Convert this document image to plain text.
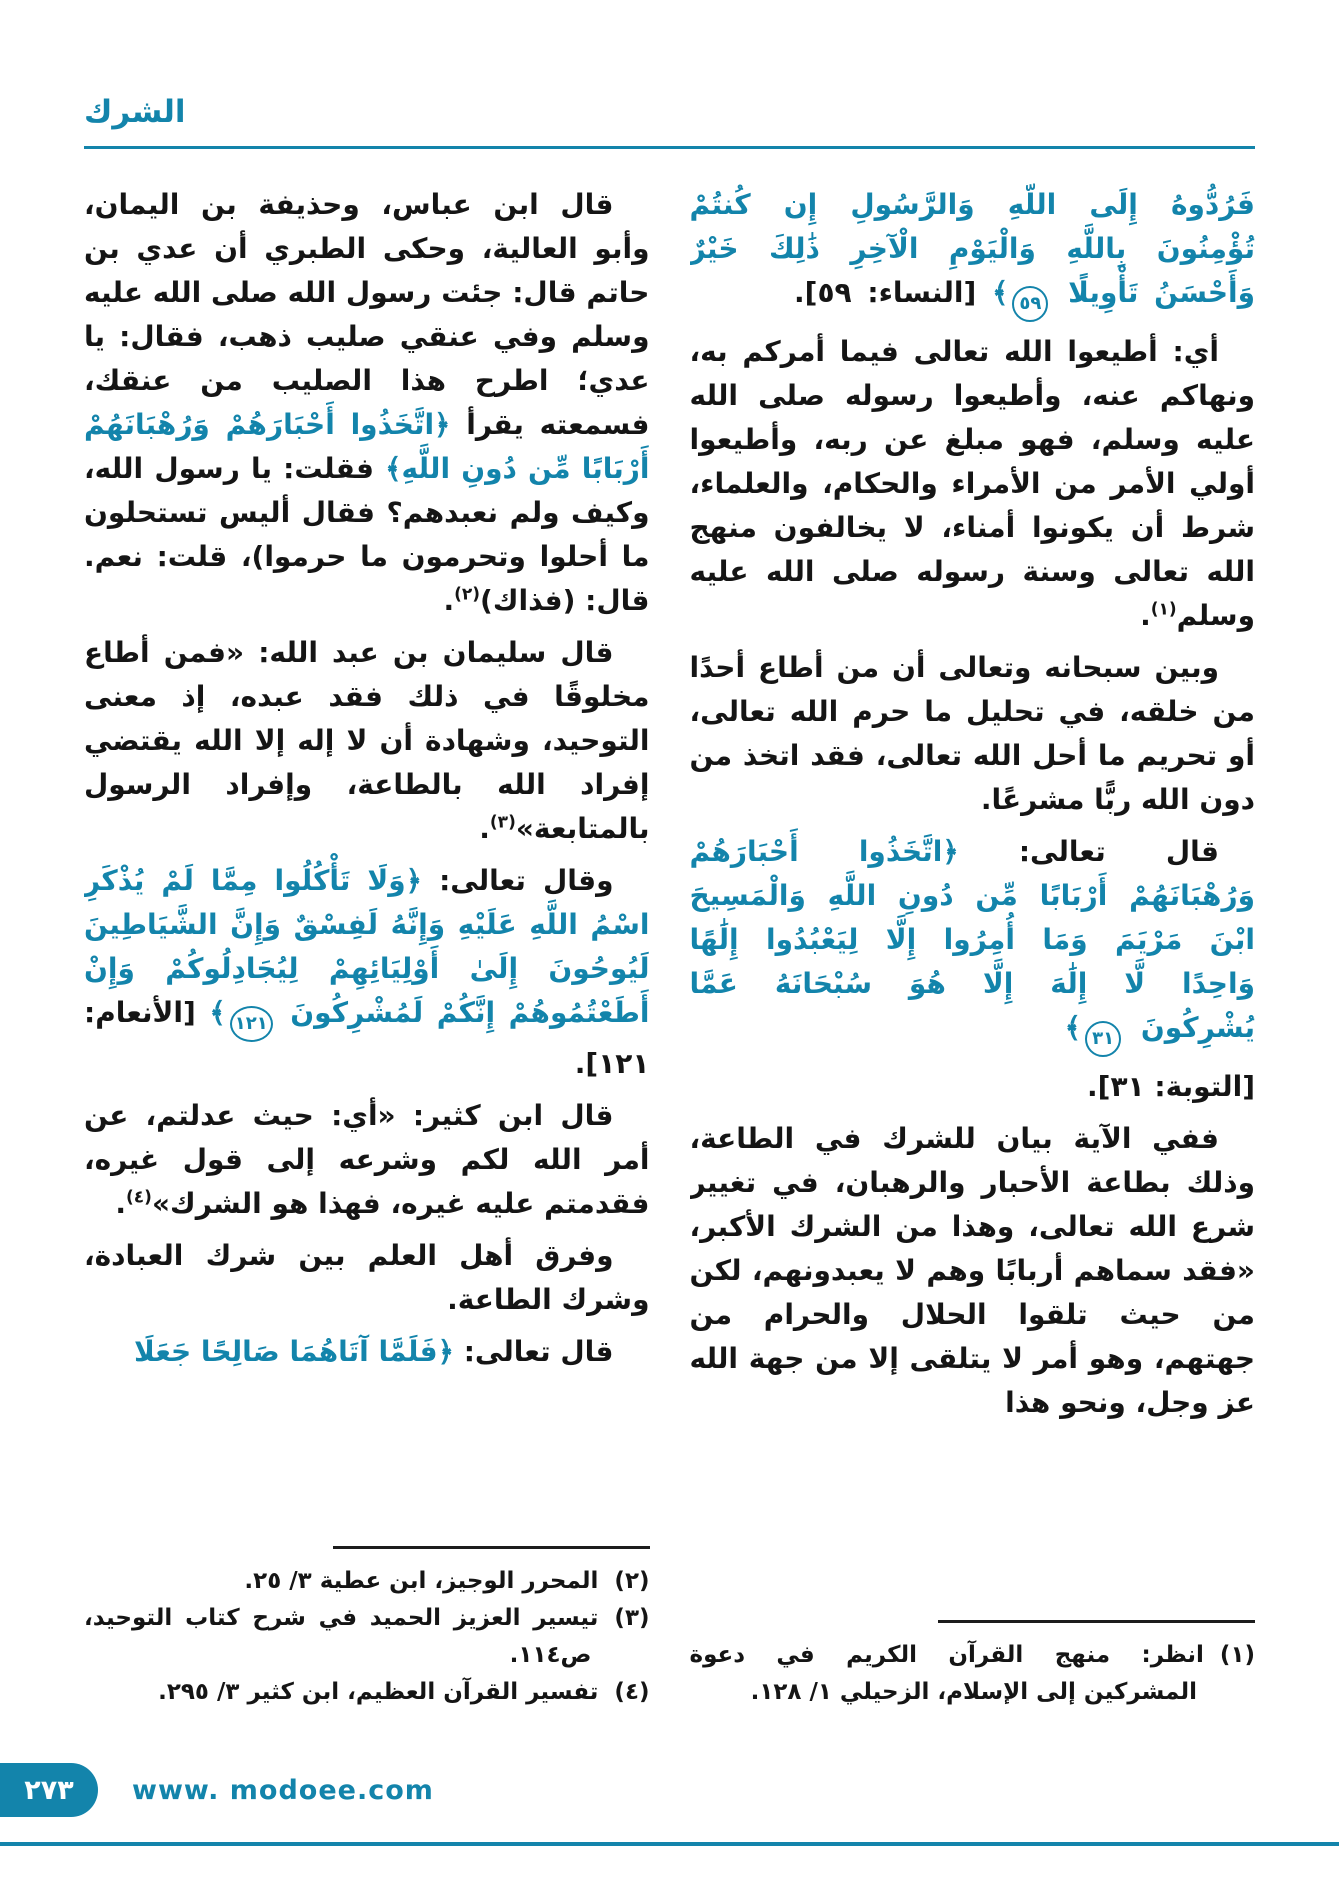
الشرك

فَرُدُّوهُ إِلَى اللَّهِ وَالرَّسُولِ إِن كُنتُمْ تُؤْمِنُونَ بِاللَّهِ وَالْيَوْمِ الْآخِرِ ذَٰلِكَ خَيْرٌ وَأَحْسَنُ تَأْوِيلًا ٥٩﴾ [النساء: ٥٩].

أي: أطيعوا الله تعالى فيما أمركم به، ونهاكم عنه، وأطيعوا رسوله صلى الله عليه وسلم، فهو مبلغ عن ربه، وأطيعوا أولي الأمر من الأمراء والحكام، والعلماء، شرط أن يكونوا أمناء، لا يخالفون منهج الله تعالى وسنة رسوله صلى الله عليه وسلم$^{(١)}$.

وبين سبحانه وتعالى أن من أطاع أحدًا من خلقه، في تحليل ما حرم الله تعالى، أو تحريم ما أحل الله تعالى، فقد اتخذ من دون الله ربًّا مشرعًا.

قال تعالى: ﴿اتَّخَذُوا أَحْبَارَهُمْ وَرُهْبَانَهُمْ أَرْبَابًا مِّن دُونِ اللَّهِ وَالْمَسِيحَ ابْنَ مَرْيَمَ وَمَا أُمِرُوا إِلَّا لِيَعْبُدُوا إِلَٰهًا وَاحِدًا لَّا إِلَٰهَ إِلَّا هُوَ سُبْحَانَهُ عَمَّا يُشْرِكُونَ ٣١﴾

[التوبة: ٣١].

ففي الآية بيان للشرك في الطاعة، وذلك بطاعة الأحبار والرهبان، في تغيير شرع الله تعالى، وهذا من الشرك الأكبر، «فقد سماهم أربابًا وهم لا يعبدونهم، لكن من حيث تلقوا الحلال والحرام من جهتهم، وهو أمر لا يتلقى إلا من جهة الله عز وجل، ونحو هذا

(١)انظر: منهج القرآن الكريم في دعوة المشركين إلى الإسلام، الزحيلي ١/ ١٢٨.

قال ابن عباس، وحذيفة بن اليمان، وأبو العالية، وحكى الطبري أن عدي بن حاتم قال: جئت رسول الله صلى الله عليه وسلم وفي عنقي صليب ذهب، فقال: يا عدي؛ اطرح هذا الصليب من عنقك، فسمعته يقرأ ﴿اتَّخَذُوا أَحْبَارَهُمْ وَرُهْبَانَهُمْ أَرْبَابًا مِّن دُونِ اللَّهِ﴾ فقلت: يا رسول الله، وكيف ولم نعبدهم؟ فقال أليس تستحلون ما أحلوا وتحرمون ما حرموا)، قلت: نعم. قال: (فذاك)$^{(٢)}$.

قال سليمان بن عبد الله: «فمن أطاع مخلوقًا في ذلك فقد عبده، إذ معنى التوحيد، وشهادة أن لا إله إلا الله يقتضي إفراد الله بالطاعة، وإفراد الرسول بالمتابعة»$^{(٣)}$.

وقال تعالى: ﴿وَلَا تَأْكُلُوا مِمَّا لَمْ يُذْكَرِ اسْمُ اللَّهِ عَلَيْهِ وَإِنَّهُ لَفِسْقٌ وَإِنَّ الشَّيَاطِينَ لَيُوحُونَ إِلَىٰ أَوْلِيَائِهِمْ لِيُجَادِلُوكُمْ وَإِنْ أَطَعْتُمُوهُمْ إِنَّكُمْ لَمُشْرِكُونَ ١٢١﴾ [الأنعام: ١٢١].

قال ابن كثير: «أي: حيث عدلتم، عن أمر الله لكم وشرعه إلى قول غيره، فقدمتم عليه غيره، فهذا هو الشرك»$^{(٤)}$.

وفرق أهل العلم بين شرك العبادة، وشرك الطاعة.

قال تعالى: ﴿فَلَمَّا آتَاهُمَا صَالِحًا جَعَلَا

(٢)المحرر الوجيز، ابن عطية ٣/ ٢٥.
(٣)تيسير العزيز الحميد في شرح كتاب التوحيد، ص١١٤.
(٤)تفسير القرآن العظيم، ابن كثير ٣/ ٢٩٥.
٢٧٣	www. modoee.com
